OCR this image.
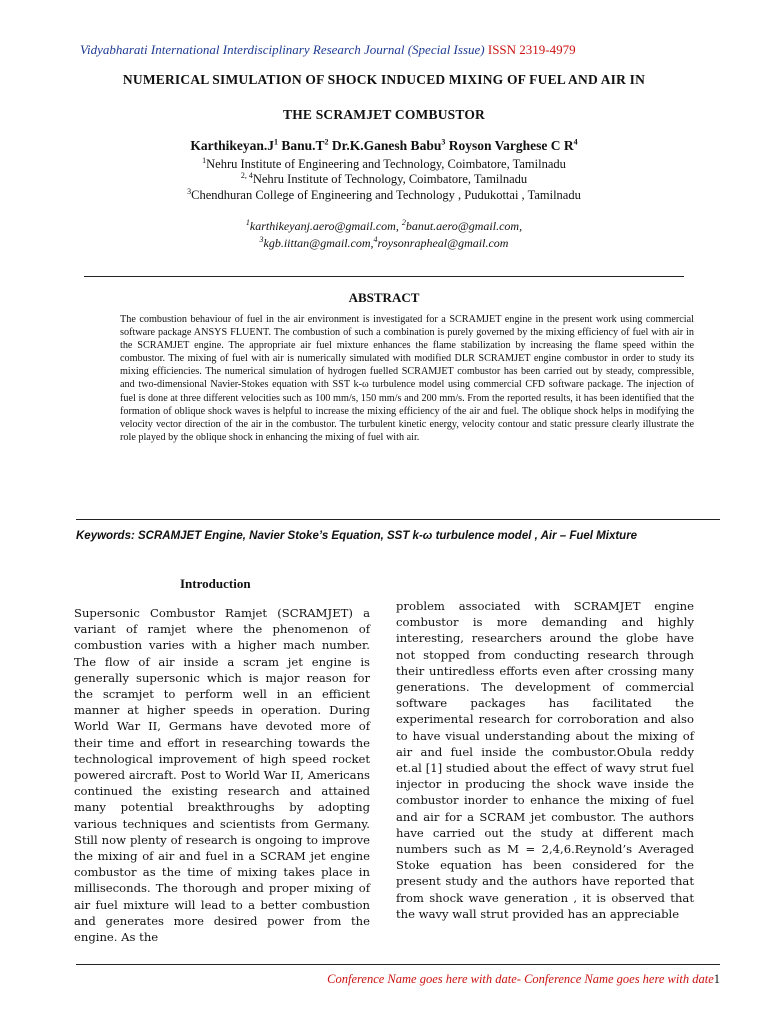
Vidyabharati International Interdisciplinary Research Journal (Special Issue) ISSN 2319-4979
NUMERICAL SIMULATION OF SHOCK INDUCED MIXING OF FUEL AND AIR IN
THE SCRAMJET COMBUSTOR
$Karthikeyan.J^1$ $Banu.T^2$ Dr.K.Ganesh Babu$^3$ Royson Varghese C $R^4$
$^1$Nehru Institute of Engineering and Technology, Coimbatore, Tamilnadu
$^{2, 4}$Nehru Institute of Technology, Coimbatore, Tamilnadu
$^3$Chendhuran College of Engineering and Technology , Pudukottai , Tamilnadu
$^1$karthikeyanj.aero@gmail.com, $^2$banut.aero@gmail.com,
$^3$kgb.iittan@gmail.com,$^4$roysonrapheal@gmail.com
ABSTRACT
The combustion behaviour of fuel in the air environment is investigated for a SCRAMJET engine in the present work using commercial software package ANSYS FLUENT. The combustion of such a combination is purely governed by the mixing efficiency of fuel with air in the SCRAMJET engine. The appropriate air fuel mixture enhances the flame stabilization by increasing the flame speed within the combustor. The mixing of fuel with air is numerically simulated with modified DLR SCRAMJET engine combustor in order to study its mixing efficiencies. The numerical simulation of hydrogen fuelled SCRAMJET combustor has been carried out by steady, compressible, and two-dimensional Navier-Stokes equation with SST k-ω turbulence model using commercial CFD software package. The injection of fuel is done at three different velocities such as 100 mm/s, 150 mm/s and 200 mm/s. From the reported results, it has been identified that the formation of oblique shock waves is helpful to increase the mixing efficiency of the air and fuel. The oblique shock helps in modifying the velocity vector direction of the air in the combustor. The turbulent kinetic energy, velocity contour and static pressure clearly illustrate the role played by the oblique shock in enhancing the mixing of fuel with air.
Keywords: SCRAMJET Engine, Navier Stoke’s Equation, SST k-ω turbulence model , Air – Fuel Mixture
Introduction
Supersonic Combustor Ramjet (SCRAMJET) a variant of ramjet where the phenomenon of combustion varies with a higher mach number. The flow of air inside a scram jet engine is generally supersonic which is major reason for the scramjet to perform well in an efficient manner at higher speeds in operation. During World War II, Germans have devoted more of their time and effort in researching towards the technological improvement of high speed rocket powered aircraft. Post to World War II, Americans continued the existing research and attained many potential breakthroughs by adopting various techniques and scientists from Germany. Still now plenty of research is ongoing to improve the mixing of air and fuel in a SCRAM jet engine combustor as the time of mixing takes place in milliseconds. The thorough and proper mixing of air fuel mixture will lead to a better combustion and generates more desired power from the engine. As the
problem associated with SCRAMJET engine combustor is more demanding and highly interesting, researchers around the globe have not stopped from conducting research through their untiredless efforts even after crossing many generations. The development of commercial software packages has facilitated the experimental research for corroboration and also to have visual understanding about the mixing of air and fuel inside the combustor.Obula reddy et.al [1] studied about the effect of wavy strut fuel injector in producing the shock wave inside the combustor inorder to enhance the mixing of fuel and air for a SCRAM jet combustor. The authors have carried out the study at different mach numbers such as M = 2,4,6.Reynold’s Averaged Stoke equation has been considered for the present study and the authors have reported that from shock wave generation , it is observed that the wavy wall strut provided has an appreciable
Conference Name goes here with date- Conference Name goes here with date1
